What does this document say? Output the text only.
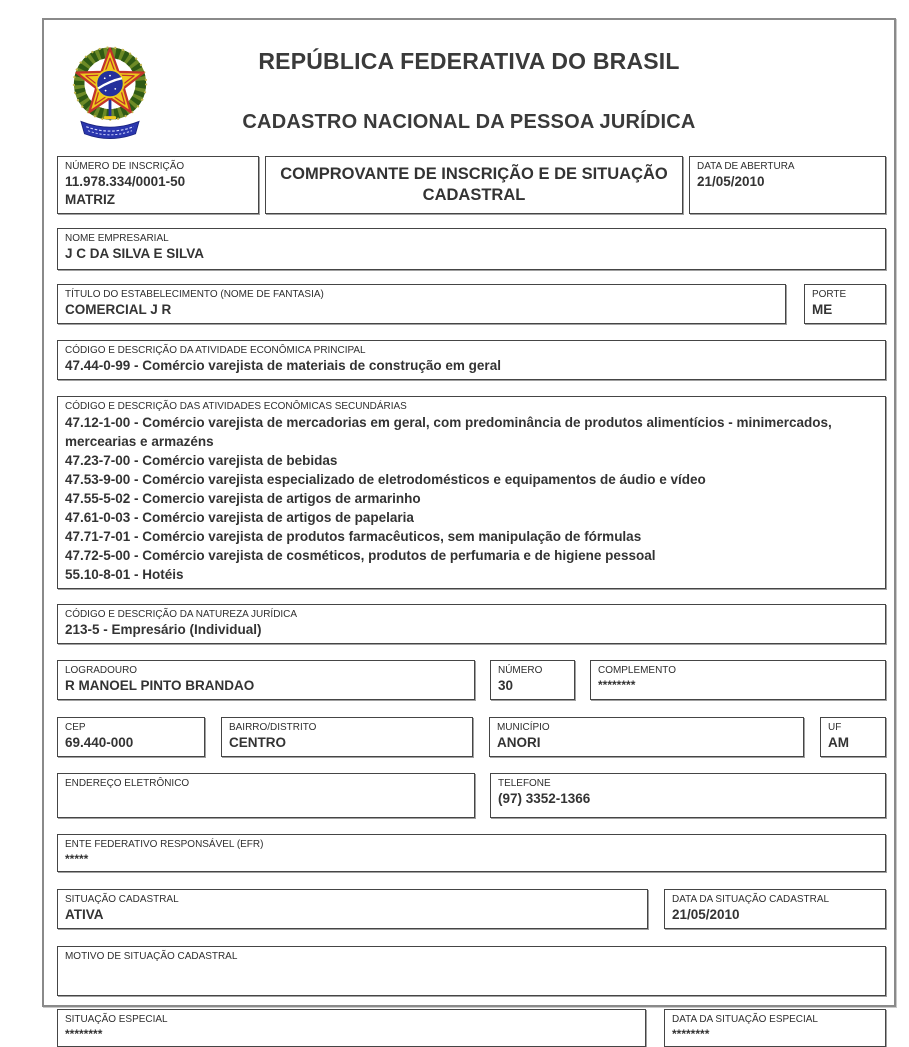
REPÚBLICA FEDERATIVA DO BRASIL
CADASTRO NACIONAL DA PESSOA JURÍDICA
NÚMERO DE INSCRIÇÃO
11.978.334/0001-50
MATRIZ
COMPROVANTE DE INSCRIÇÃO E DE SITUAÇÃO CADASTRAL
DATA DE ABERTURA
21/05/2010
NOME EMPRESARIAL
J C DA SILVA E SILVA
TÍTULO DO ESTABELECIMENTO (NOME DE FANTASIA)
COMERCIAL J R
PORTE
ME
CÓDIGO E DESCRIÇÃO DA ATIVIDADE ECONÔMICA PRINCIPAL
47.44-0-99 - Comércio varejista de materiais de construção em geral
CÓDIGO E DESCRIÇÃO DAS ATIVIDADES ECONÔMICAS SECUNDÁRIAS
47.12-1-00 - Comércio varejista de mercadorias em geral, com predominância de produtos alimentícios - minimercados, mercearias e armazéns
47.23-7-00 - Comércio varejista de bebidas
47.53-9-00 - Comércio varejista especializado de eletrodomésticos e equipamentos de áudio e vídeo
47.55-5-02 - Comercio varejista de artigos de armarinho
47.61-0-03 - Comércio varejista de artigos de papelaria
47.71-7-01 - Comércio varejista de produtos farmacêuticos, sem manipulação de fórmulas
47.72-5-00 - Comércio varejista de cosméticos, produtos de perfumaria e de higiene pessoal
55.10-8-01 - Hotéis
CÓDIGO E DESCRIÇÃO DA NATUREZA JURÍDICA
213-5 - Empresário (Individual)
LOGRADOURO
R MANOEL PINTO BRANDAO
NÚMERO
30
COMPLEMENTO
********
CEP
69.440-000
BAIRRO/DISTRITO
CENTRO
MUNICÍPIO
ANORI
UF
AM
ENDEREÇO ELETRÔNICO	TELEFONE
(97) 3352-1366
ENTE FEDERATIVO RESPONSÁVEL (EFR)
*****
SITUAÇÃO CADASTRAL
ATIVA
DATA DA SITUAÇÃO CADASTRAL
21/05/2010
MOTIVO DE SITUAÇÃO CADASTRAL
SITUAÇÃO ESPECIAL
********
DATA DA SITUAÇÃO ESPECIAL
********
